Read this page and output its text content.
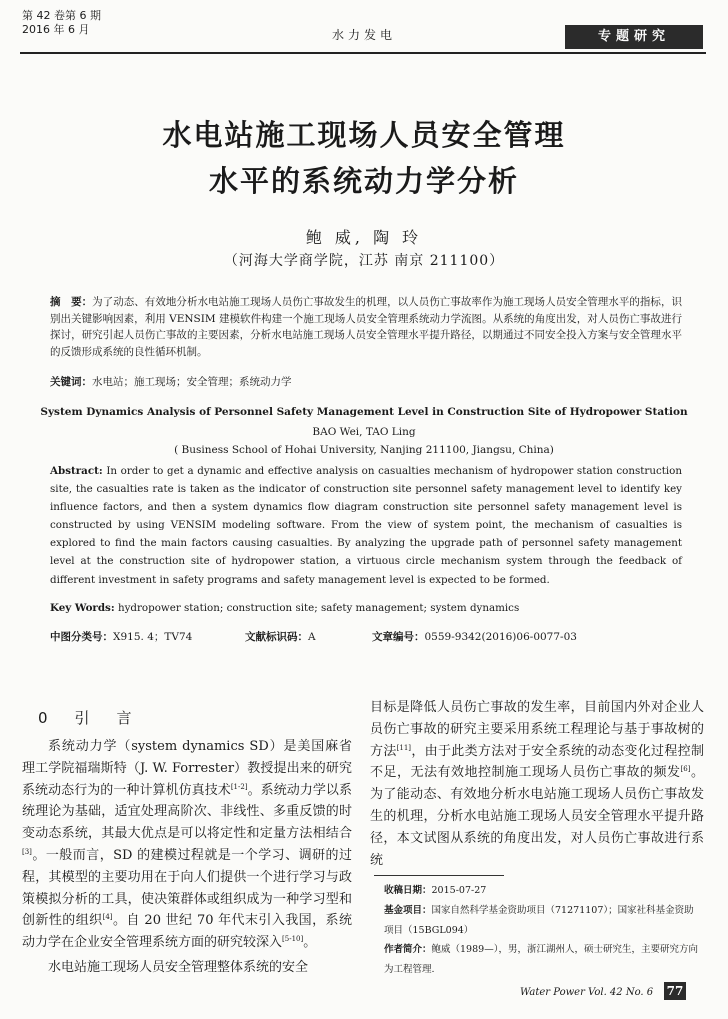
第 42 卷第 6 期
2016 年 6 月	水力发电	专题研究
水电站施工现场人员安全管理
水平的系统动力学分析
鲍 威, 陶 玲
（河海大学商学院，江苏 南京 211100）
摘　要：为了动态、有效地分析水电站施工现场人员伤亡事故发生的机理，以人员伤亡事故率作为施工现场人员安全管理水平的指标，识别出关键影响因素，利用 VENSIM 建模软件构建一个施工现场人员安全管理系统动力学流图。从系统的角度出发，对人员伤亡事故进行探讨，研究引起人员伤亡事故的主要因素，分析水电站施工现场人员安全管理水平提升路径，以期通过不同安全投入方案与安全管理水平的反馈形成系统的良性循环机制。
关键词：水电站；施工现场；安全管理；系统动力学
System Dynamics Analysis of Personnel Safety Management Level in Construction Site of Hydropower Station
BAO Wei, TAO Ling
( Business School of Hohai University, Nanjing 211100, Jiangsu, China)
Abstract: In order to get a dynamic and effective analysis on casualties mechanism of hydropower station construction site, the casualties rate is taken as the indicator of construction site personnel safety management level to identify key influence factors, and then a system dynamics flow diagram construction site personnel safety management level is constructed by using VENSIM modeling software. From the view of system point, the mechanism of casualties is explored to find the main factors causing casualties. By analyzing the upgrade path of personnel safety management level at the construction site of hydropower station, a virtuous circle mechanism system through the feedback of different investment in safety programs and safety management level is expected to be formed.
Key Words: hydropower station; construction site; safety management; system dynamics
中图分类号：X915. 4；TV74	文献标识码：A	文章编号：0559-9342(2016)06-0077-03
0　引　言

系统动力学（system dynamics SD）是美国麻省理工学院福瑞斯特（J. W. Forrester）教授提出来的研究系统动态行为的一种计算机仿真技术[1-2]。系统动力学以系统理论为基础，适宜处理高阶次、非线性、多重反馈的时变动态系统，其最大优点是可以将定性和定量方法相结合[3]。一般而言，SD 的建模过程就是一个学习、调研的过程，其模型的主要功用在于向人们提供一个进行学习与政策模拟分析的工具，使决策群体或组织成为一种学习型和创新性的组织[4]。自 20 世纪 70 年代末引入我国，系统动力学在企业安全管理系统方面的研究较深入[5-10]。

水电站施工现场人员安全管理整体系统的安全

目标是降低人员伤亡事故的发生率，目前国内外对企业人员伤亡事故的研究主要采用系统工程理论与基于事故树的方法[11]，由于此类方法对于安全系统的动态变化过程控制不足，无法有效地控制施工现场人员伤亡事故的频发[6]。为了能动态、有效地分析水电站施工现场人员伤亡事故发生的机理，分析水电站施工现场人员安全管理水平提升路径，本文试图从系统的角度出发，对人员伤亡事故进行系统

收稿日期：2015-07-27
基金项目：国家自然科学基金资助项目（71271107）；国家社科基金资助项目（15BGL094）
作者简介：鲍威（1989—），男，浙江湖州人，硕士研究生，主要研究方向为工程管理.
Water Power Vol. 42 No. 6 77
